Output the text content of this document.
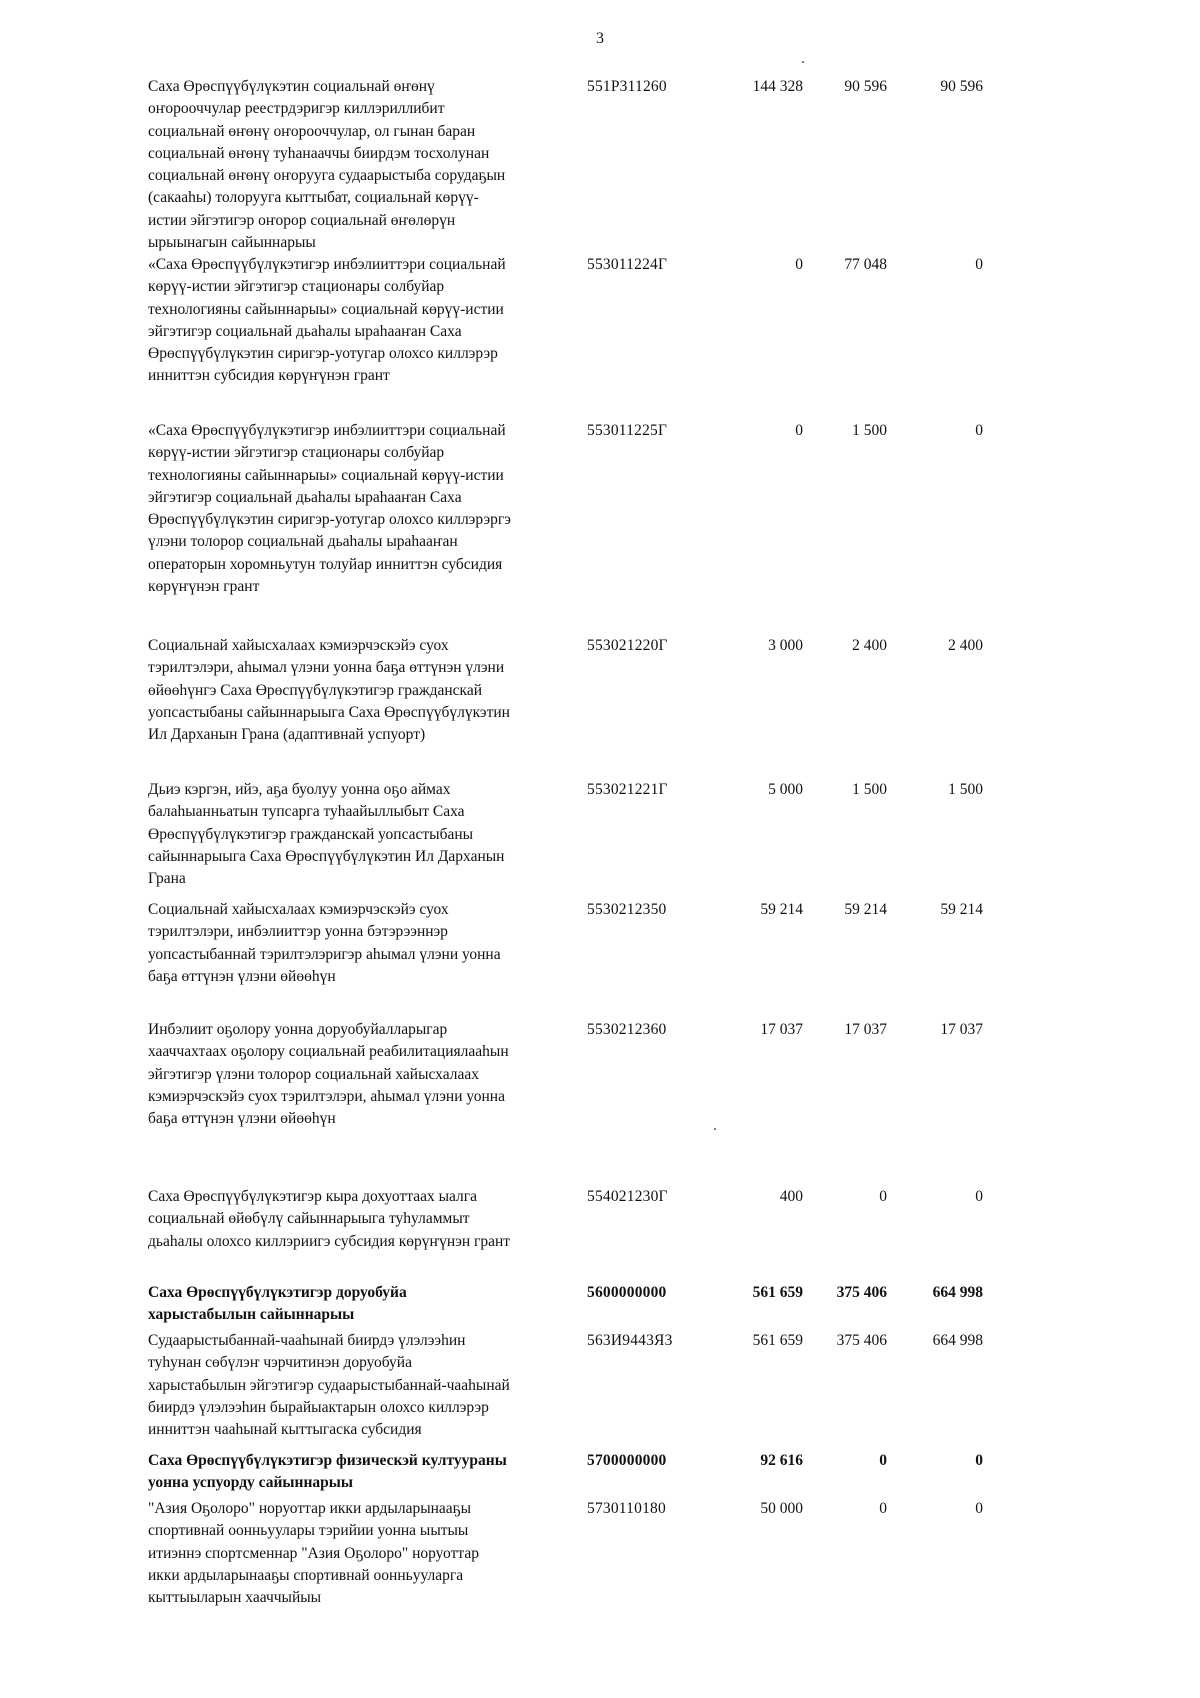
3
Саха Өрөспүүбүлүкэтин социальнай өҥөнү
оҥорооччулар реестрдэригэр киллэриллибит
социальнай өҥөнү оҥорооччулар, ол гынан баран
социальнай өҥөнү туһанааччы биирдэм тосхолунан
социальнай өҥөнү оҥорууга судаарыстыба сорудаҕын
(сакааһы) толорууга кыттыбат, социальнай көрүү-
истии эйгэтигэр оҥорор социальнай өҥөлөрүн
ырыынагын сайыннарыы
551P311260	144 328	90 596	90 596
«Саха Өрөспүүбүлүкэтигэр инбэлииттэри социальнай
көрүү-истии эйгэтигэр стационары солбуйар
технологияны сайыннарыы» социальнай көрүү-истии
эйгэтигэр социальнай дьаһалы ыраһааҥан Саха
Өрөспүүбүлүкэтин сиригэр-уотугар олохсо киллэрэр
инниттэн субсидия көрүҥүнэн грант
553011224Г	0	77 048	0
«Саха Өрөспүүбүлүкэтигэр инбэлииттэри социальнай
көрүү-истии эйгэтигэр стационары солбуйар
технологияны сайыннарыы» социальнай көрүү-истии
эйгэтигэр социальнай дьаһалы ыраһааҥан Саха
Өрөспүүбүлүкэтин сиригэр-уотугар олохсо киллэрэргэ
үлэни толорор социальнай дьаһалы ыраһааҥан
операторын хоромньутун толуйар инниттэн субсидия
көрүҥүнэн грант
553011225Г	0	1 500	0
Социальнай хайысхалаах кэмиэрчэскэйэ суох
тэрилтэлэри, аһымал үлэни уонна баҕа өттүнэн үлэни
өйөөһүнгэ Саха Өрөспүүбүлүкэтигэр гражданскай
уопсастыбаны сайыннарыыга Саха Өрөспүүбүлүкэтин
Ил Дарханын Грана (адаптивнай успуорт)
553021220Г	3 000	2 400	2 400
Дьиэ кэргэн, ийэ, аҕа буолуу уонна оҕо аймах
балаһыанньатын тупсаргa туһаайыллыбыт Саха
Өрөспүүбүлүкэтигэр гражданскай уопсастыбаны
сайыннарыыга Саха Өрөспүүбүлүкэтин Ил Дарханын
Грана
553021221Г	5 000	1 500	1 500
Социальнай хайысхалаах кэмиэрчэскэйэ суох
тэрилтэлэри, инбэлииттэр уонна бэтэрээннэр
уопсастыбаннай тэрилтэлэригэр аһымал үлэни уонна
баҕа өттүнэн үлэни өйөөһүн
5530212350	59 214	59 214	59 214
Инбэлиит оҕолору уонна доруобуйалларыгар
хааччахтаах оҕолору социальнай реабилитациялааһын
эйгэтигэр үлэни толорор социальнай хайысхалаах
кэмиэрчэскэйэ суох тэрилтэлэри, аһымал үлэни уонна
баҕа өттүнэн үлэни өйөөһүн
5530212360	17 037	17 037	17 037
Саха Өрөспүүбүлүкэтигэр кыра дохуоттаах ыалга
социальнай өйөбүлү сайыннарыыга туһуламмыт
дьаһалы олохсо киллэриигэ субсидия көрүҥүнэн грант
554021230Г	400	0	0
Саха Өрөспүүбүлүкэтигэр доруобуйа
харыстабылын сайыннарыы
5600000000	561 659	375 406	664 998
Судаарыстыбаннай-чааһынай биирдэ үлэлээһин
туһунан сөбүлэҥ чэрчитинэн доруобуйа
харыстабылын эйгэтигэр судаарыстыбаннай-чааһынай
биирдэ үлэлээһин бырайыактарын олохсо киллэрэр
инниттэн чааһынай кыттыгаска субсидия
563И9443Я3	561 659	375 406	664 998
Саха Өрөспүүбүлүкэтигэр физическэй култуураны
уонна успуорду сайыннарыы
5700000000	92 616	0	0
"Азия Оҕолоро" норуоттар икки ардыларынааҕы
спортивнай оонньуулары тэрийии уонна ыытыы
итиэннэ спортсменнар "Азия Оҕолоро" норуоттар
икки ардыларынааҕы спортивнай оонньууларга
кыттыыларын хааччыйыы
5730110180	50 000	0	0
